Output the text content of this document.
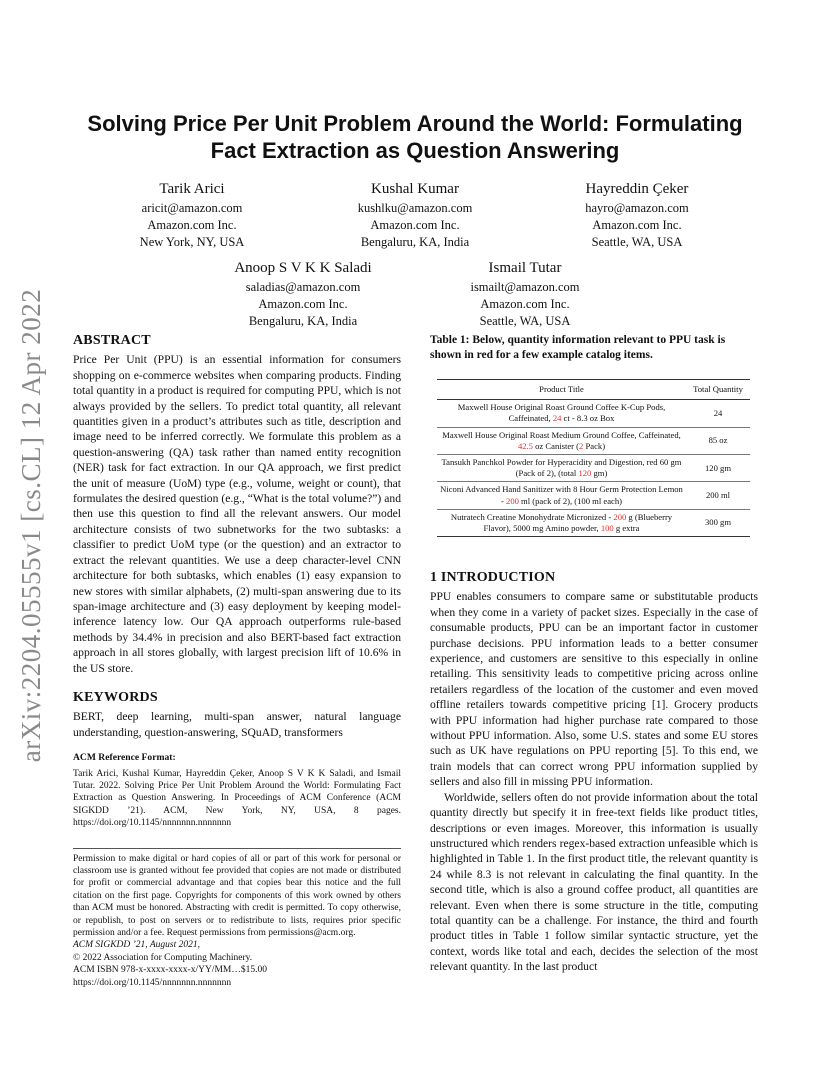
arXiv:2204.05555v1 [cs.CL] 12 Apr 2022
Solving Price Per Unit Problem Around the World: Formulating Fact Extraction as Question Answering
Tarik Arici
aricit@amazon.com
Amazon.com Inc.
New York, NY, USA
Kushal Kumar
kushlku@amazon.com
Amazon.com Inc.
Bengaluru, KA, India
Hayreddin Çeker
hayro@amazon.com
Amazon.com Inc.
Seattle, WA, USA
Anoop S V K K Saladi
saladias@amazon.com
Amazon.com Inc.
Bengaluru, KA, India
Ismail Tutar
ismailt@amazon.com
Amazon.com Inc.
Seattle, WA, USA
ABSTRACT

Price Per Unit (PPU) is an essential information for consumers shopping on e-commerce websites when comparing products. Finding total quantity in a product is required for computing PPU, which is not always provided by the sellers. To predict total quantity, all relevant quantities given in a product’s attributes such as title, description and image need to be inferred correctly. We formulate this problem as a question-answering (QA) task rather than named entity recognition (NER) task for fact extraction. In our QA approach, we first predict the unit of measure (UoM) type (e.g., volume, weight or count), that formulates the desired question (e.g., “What is the total volume?”) and then use this question to find all the relevant answers. Our model architecture consists of two subnetworks for the two subtasks: a classifier to predict UoM type (or the question) and an extractor to extract the relevant quantities. We use a deep character-level CNN architecture for both subtasks, which enables (1) easy expansion to new stores with similar alphabets, (2) multi-span answering due to its span-image architecture and (3) easy deployment by keeping model-inference latency low. Our QA approach outperforms rule-based methods by 34.4% in precision and also BERT-based fact extraction approach in all stores globally, with largest precision lift of 10.6% in the US store.

KEYWORDS

BERT, deep learning, multi-span answer, natural language understanding, question-answering, SQuAD, transformers

ACM Reference Format:

Tarik Arici, Kushal Kumar, Hayreddin Çeker, Anoop S V K K Saladi, and Ismail Tutar. 2022. Solving Price Per Unit Problem Around the World: Formulating Fact Extraction as Question Answering. In Proceedings of ACM Conference (ACM SIGKDD ’21). ACM, New York, NY, USA, 8 pages. https://doi.org/10.1145/nnnnnnn.nnnnnnn

Permission to make digital or hard copies of all or part of this work for personal or classroom use is granted without fee provided that copies are not made or distributed for profit or commercial advantage and that copies bear this notice and the full citation on the first page. Copyrights for components of this work owned by others than ACM must be honored. Abstracting with credit is permitted. To copy otherwise, or republish, to post on servers or to redistribute to lists, requires prior specific permission and/or a fee. Request permissions from permissions@acm.org.

ACM SIGKDD ’21, August 2021,

© 2022 Association for Computing Machinery.

ACM ISBN 978-x-xxxx-xxxx-x/YY/MM…$15.00

https://doi.org/10.1145/nnnnnnn.nnnnnnn

Table 1: Below, quantity information relevant to PPU task is shown in red for a few example catalog items.

Product Title	Total Quantity
Maxwell House Original Roast Ground Coffee K-Cup Pods, Caffeinated, 24 ct - 8.3 oz Box	24
Maxwell House Original Roast Medium Ground Coffee, Caffeinated, 42.5 oz Canister (2 Pack)	85 oz
Tansukh Panchkol Powder for Hyperacidity and Digestion, red 60 gm (Pack of 2), (total 120 gm)	120 gm
Niconi Advanced Hand Sanitizer with 8 Hour Germ Protection Lemon - 200 ml (pack of 2), (100 ml each)	200 ml
Nutratech Creatine Monohydrate Micronized - 200 g (Blueberry Flavor), 5000 mg Amino powder, 100 g extra	300 gm
1 INTRODUCTION

PPU enables consumers to compare same or substitutable products when they come in a variety of packet sizes. Especially in the case of consumable products, PPU can be an important factor in customer purchase decisions. PPU information leads to a better consumer experience, and customers are sensitive to this especially in online retailing. This sensitivity leads to competitive pricing across online retailers regardless of the location of the customer and even moved offline retailers towards competitive pricing [1]. Grocery products with PPU information had higher purchase rate compared to those without PPU information. Also, some U.S. states and some EU stores such as UK have regulations on PPU reporting [5]. To this end, we train models that can correct wrong PPU information supplied by sellers and also fill in missing PPU information.

Worldwide, sellers often do not provide information about the total quantity directly but specify it in free-text fields like product titles, descriptions or even images. Moreover, this information is usually unstructured which renders regex-based extraction unfeasible which is highlighted in Table 1. In the first product title, the relevant quantity is 24 while 8.3 is not relevant in calculating the final quantity. In the second title, which is also a ground coffee product, all quantities are relevant. Even when there is some structure in the title, computing total quantity can be a challenge. For instance, the third and fourth product titles in Table 1 follow similar syntactic structure, yet the context, words like total and each, decides the selection of the most relevant quantity. In the last product
